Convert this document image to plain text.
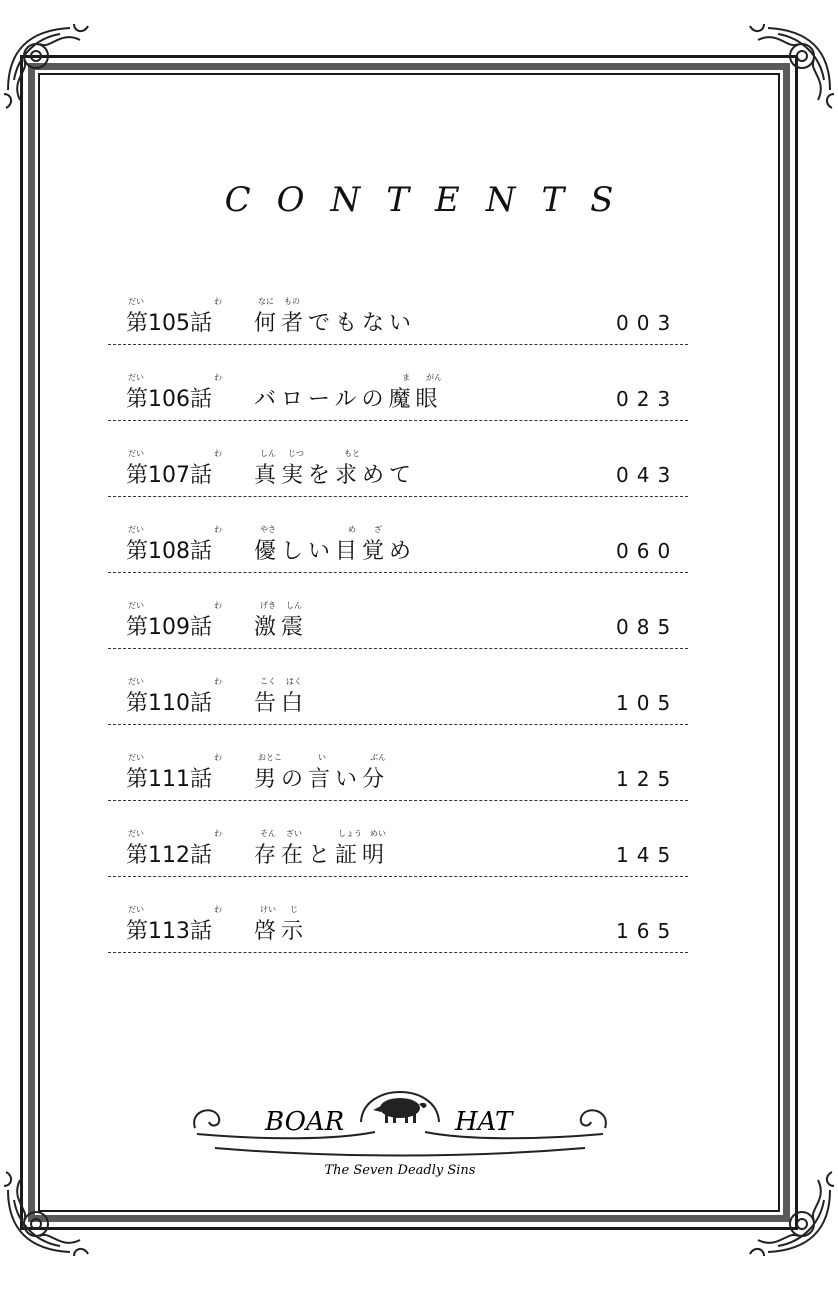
CONTENTS
だい	わ	なに もの
第105話	何者でもない	003
だい	わ	ま がん
第106話	バロールの魔眼	023
だい	わ	しん じつ	もと
第107話	真実を求めて	043
だい	わ	やさ	め ざ
第108話	優しい目覚め	060
だい	わ	げき しん
第109話	激震	085
だい	わ	こく はく
第110話	告白	105
だい	わ	おとこ	い	ぶん
第111話	男の言い分	125
だい	わ	そん ざい	しょう めい
第112話	存在と証明	145
だい	わ	けい じ
第113話	啓示	165
BOAR	HAT
The Seven Deadly Sins
